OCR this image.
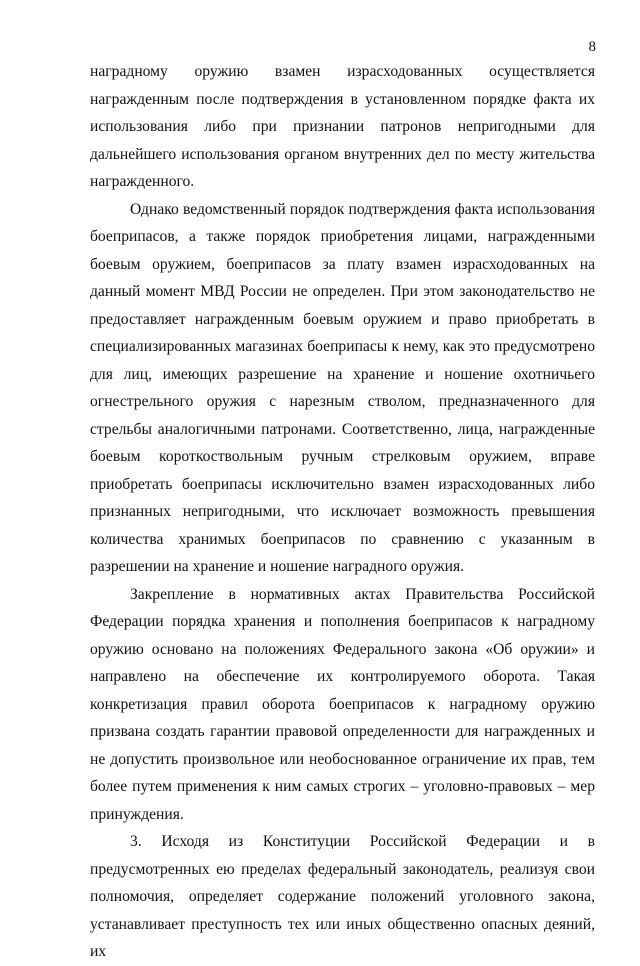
8

наградному оружию взамен израсходованных осуществляется награжденным после подтверждения в установленном порядке факта их использования либо при признании патронов непригодными для дальнейшего использования органом внутренних дел по месту жительства награжденного.

Однако ведомственный порядок подтверждения факта использования боеприпасов, а также порядок приобретения лицами, награжденными боевым оружием, боеприпасов за плату взамен израсходованных на данный момент МВД России не определен. При этом законодательство не предоставляет награжденным боевым оружием и право приобретать в специализированных магазинах боеприпасы к нему, как это предусмотрено для лиц, имеющих разрешение на хранение и ношение охотничьего огнестрельного оружия с нарезным стволом, предназначенного для стрельбы аналогичными патронами. Соответственно, лица, награжденные боевым короткоствольным ручным стрелковым оружием, вправе приобретать боеприпасы исключительно взамен израсходованных либо признанных непригодными, что исключает возможность превышения количества хранимых боеприпасов по сравнению с указанным в разрешении на хранение и ношение наградного оружия.

Закрепление в нормативных актах Правительства Российской Федерации порядка хранения и пополнения боеприпасов к наградному оружию основано на положениях Федерального закона «Об оружии» и направлено на обеспечение их контролируемого оборота. Такая конкретизация правил оборота боеприпасов к наградному оружию призвана создать гарантии правовой определенности для награжденных и не допустить произвольное или необоснованное ограничение их прав, тем более путем применения к ним самых строгих – уголовно-правовых – мер принуждения.

3. Исходя из Конституции Российской Федерации и в предусмотренных ею пределах федеральный законодатель, реализуя свои полномочия, определяет содержание положений уголовного закона, устанавливает преступность тех или иных общественно опасных деяний, их
